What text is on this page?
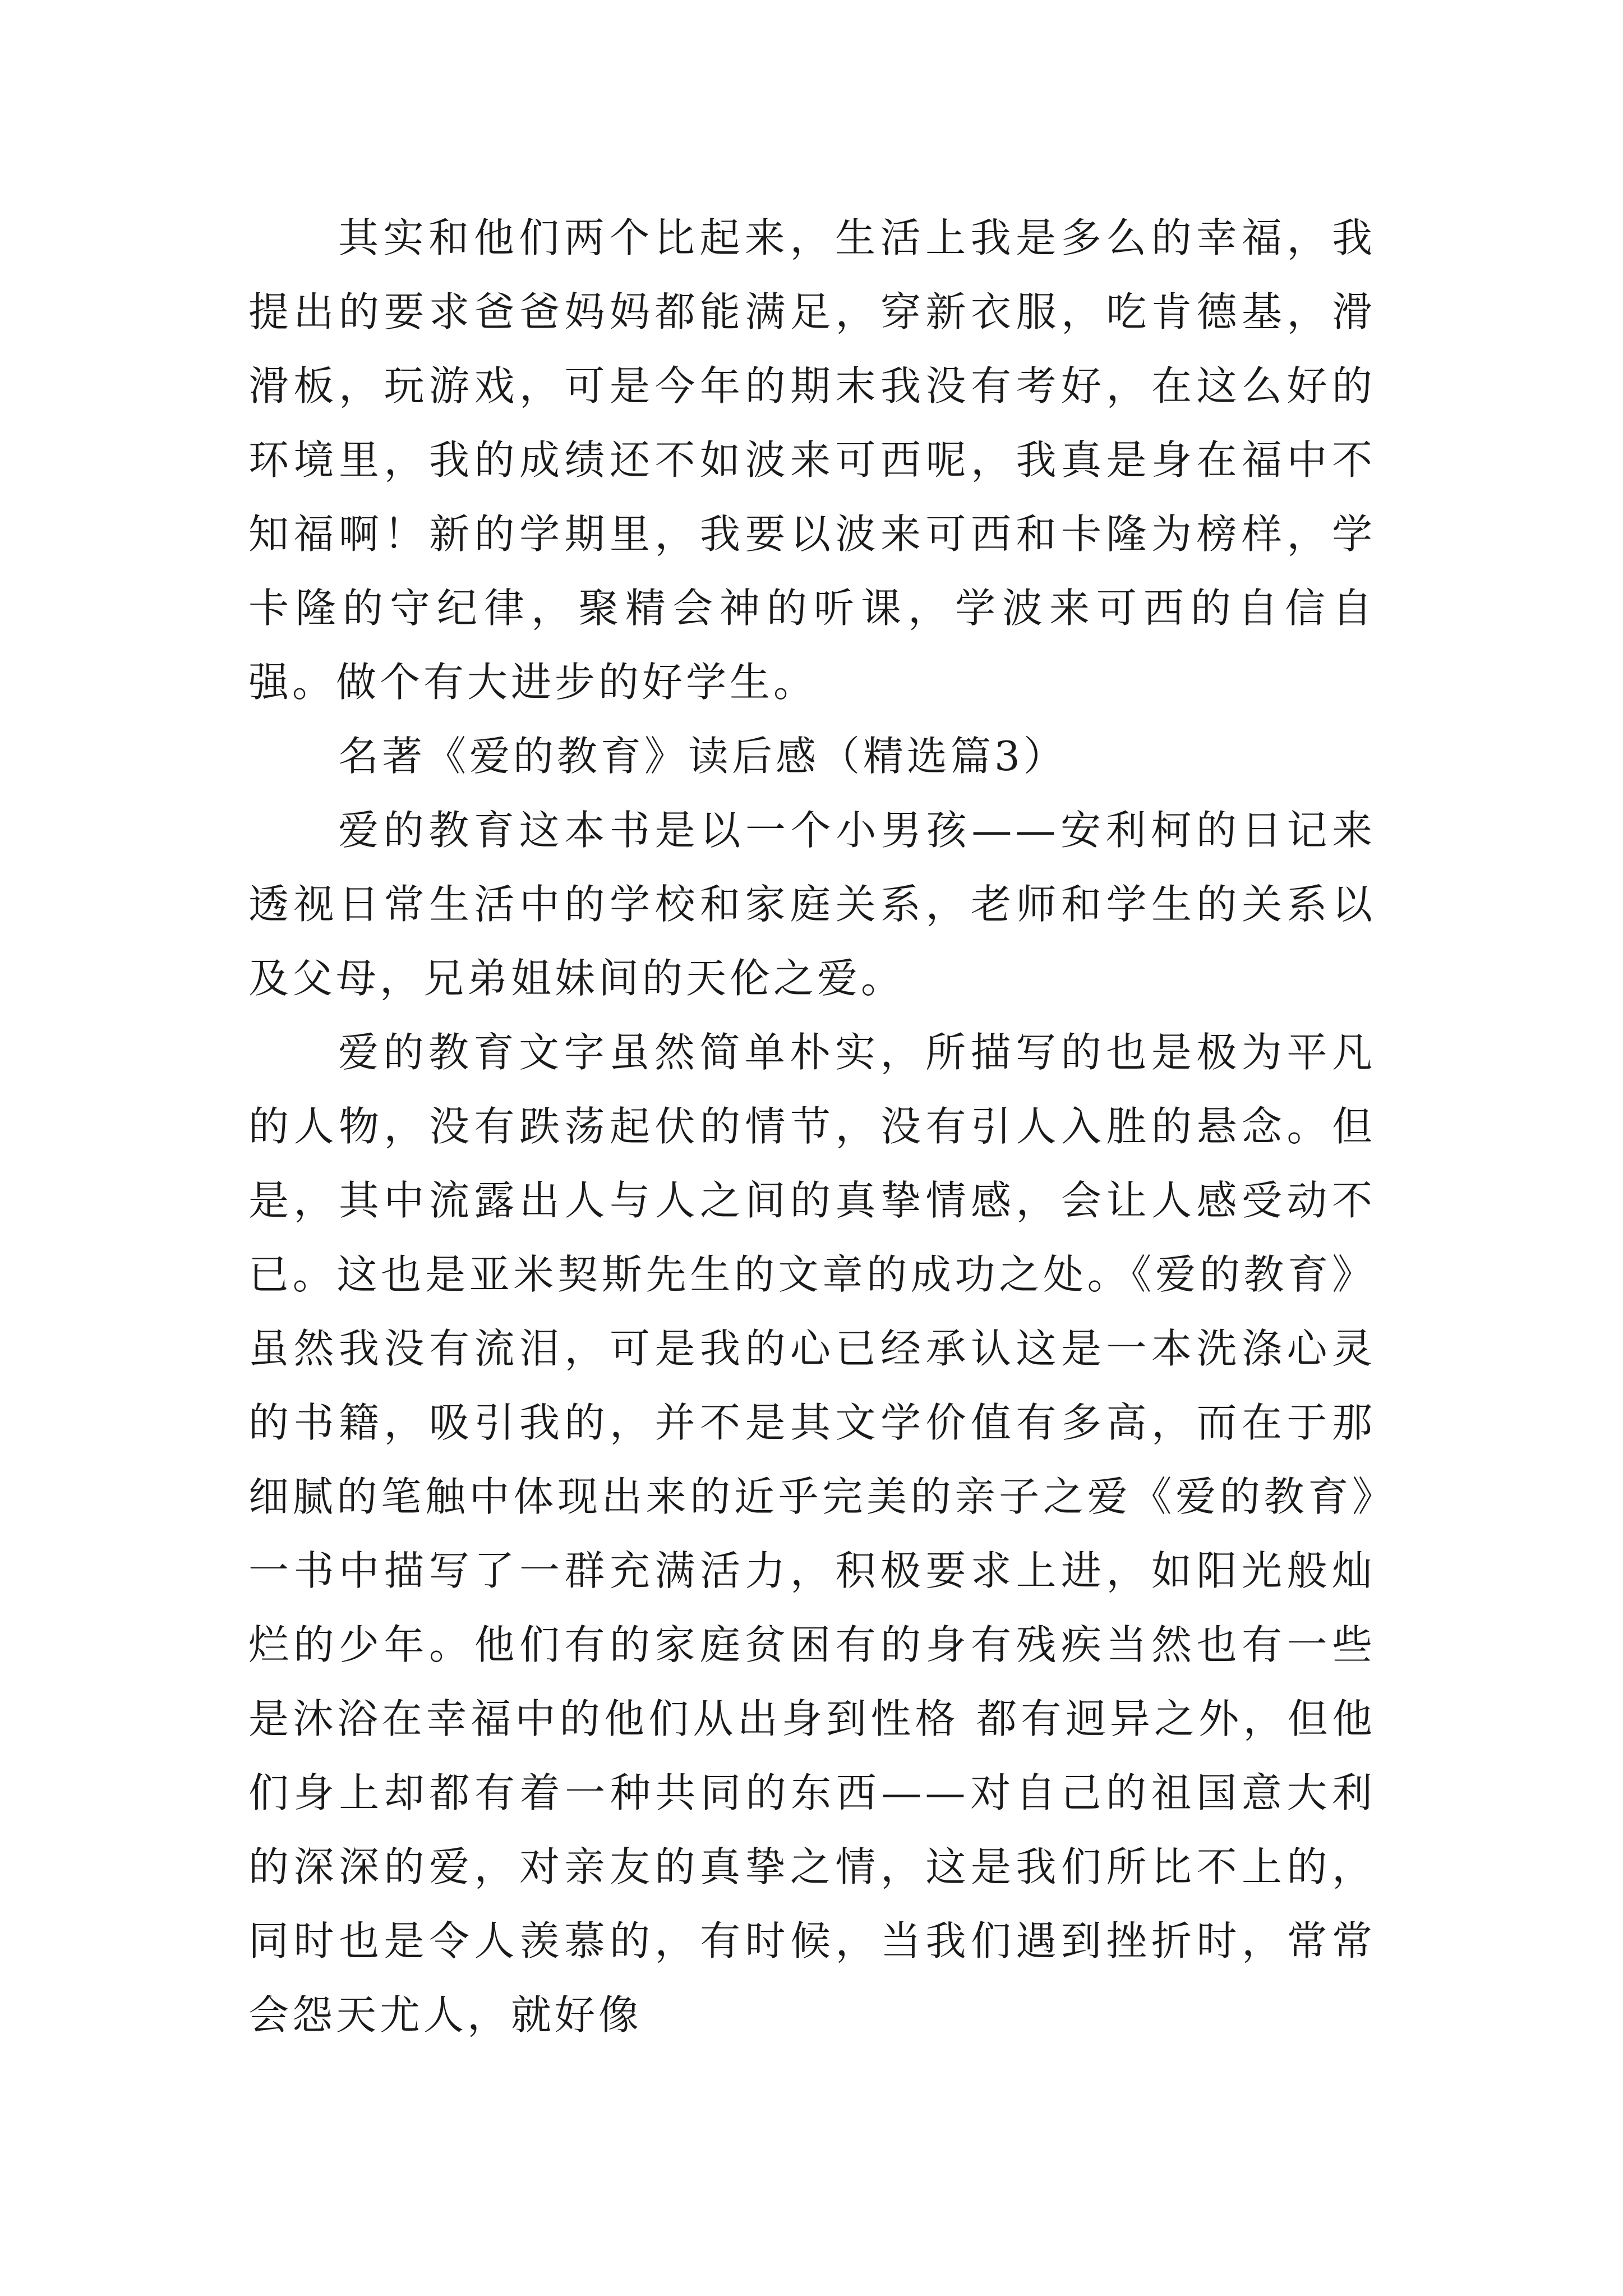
其实和他们两个比起来，生活上我是多么的幸福，我提出的要求爸爸妈妈都能满足，穿新衣服，吃肯德基，滑滑板，玩游戏，可是今年的期末我没有考好，在这么好的环境里，我的成绩还不如波来可西呢，我真是身在福中不知福啊！新的学期里，我要以波来可西和卡隆为榜样，学卡隆的守纪律，聚精会神的听课，学波来可西的自信自强。做个有大进步的好学生。

名著《爱的教育》读后感（精选篇3）

爱的教育这本书是以一个小男孩——安利柯的日记来透视日常生活中的学校和家庭关系，老师和学生的关系以及父母，兄弟姐妹间的天伦之爱。

爱的教育文字虽然简单朴实，所描写的也是极为平凡的人物，没有跌荡起伏的情节，没有引人入胜的悬念。但是，其中流露出人与人之间的真挚情感，会让人感受动不已。这也是亚米契斯先生的文章的成功之处。《爱的教育》虽然我没有流泪，可是我的心已经承认这是一本洗涤心灵的书籍，吸引我的，并不是其文学价值有多高，而在于那细腻的笔触中体现出来的近乎完美的亲子之爱《爱的教育》一书中描写了一群充满活力，积极要求上进，如阳光般灿烂的少年。他们有的家庭贫困有的身有残疾当然也有一些是沐浴在幸福中的他们从出身到性格 都有迥异之外，但他们身上却都有着一种共同的东西——对自己的祖国意大利的深深的爱，对亲友的真挚之情，这是我们所比不上的，同时也是令人羡慕的，有时候，当我们遇到挫折时，常常会怨天尤人，就好像
